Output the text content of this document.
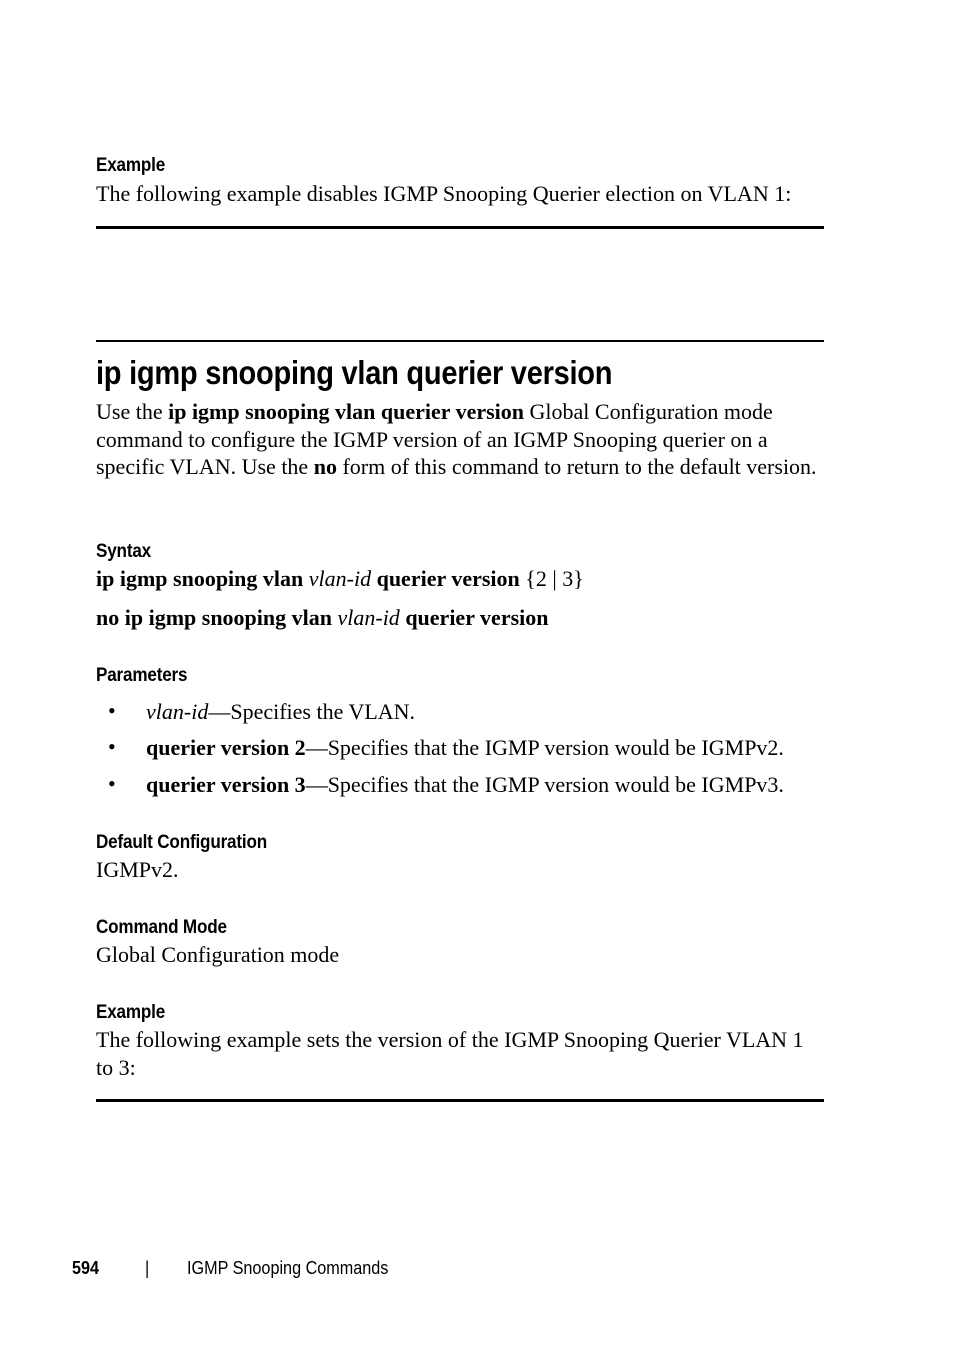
Example
The following example disables IGMP Snooping Querier election on VLAN 1:
ip igmp snooping vlan querier version
Use the ip igmp snooping vlan querier version Global Configuration mode command to configure the IGMP version of an IGMP Snooping querier on a specific VLAN. Use the no form of this command to return to the default version.
Syntax
ip igmp snooping vlan vlan-id querier version {2 | 3}
no ip igmp snooping vlan vlan-id querier version
Parameters
• vlan-id—Specifies the VLAN.
• querier version 2—Specifies that the IGMP version would be IGMPv2.
• querier version 3—Specifies that the IGMP version would be IGMPv3.
Default Configuration
IGMPv2.
Command Mode
Global Configuration mode
Example
The following example sets the version of the IGMP Snooping Querier VLAN 1 to 3:
594	| IGMP Snooping Commands
